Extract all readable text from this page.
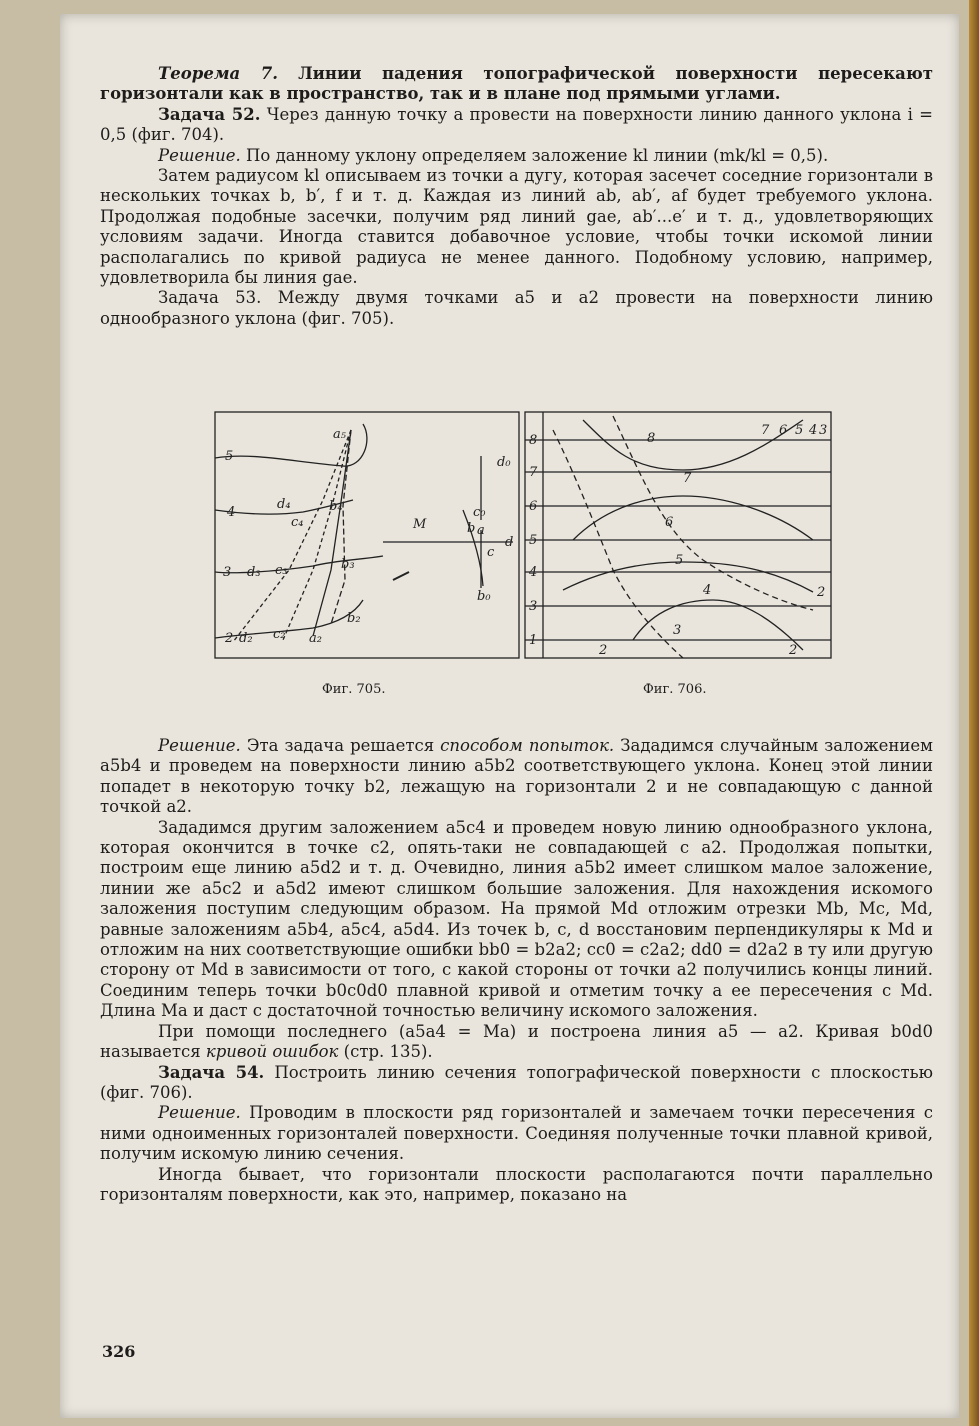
Теорема 7. Линии падения топографической поверхности пересекают горизонтали как в пространство, так и в плане под прямыми углами.

Задача 52. Через данную точку a провести на поверхности линию данного уклона i = 0,5 (фиг. 704).

Решение. По данному уклону определяем заложение kl линии (mk/kl = 0,5).

Затем радиусом kl описываем из точки a дугу, которая засечет соседние горизонтали в нескольких точках b, b′, f и т. д. Каждая из линий ab, ab′, af будет требуемого уклона. Продолжая подобные засечки, получим ряд линий gae, ab′...e′ и т. д., удовлетворяющих условиям задачи. Иногда ставится добавочное условие, чтобы точки искомой линии располагались по кривой радиуса не менее данного. Подобному условию, например, удовлетворила бы линия gae.

Задача 53. Между двумя точками a5 и a2 провести на поверхности линию однообразного уклона (фиг. 705).

a₅
5
4
d₄
c₄
b₄
3 d₃ c₃	b₃
b₂
2 d₂ c₂ a₂
M
d₀
c₀
b a
c
d
b₀
8
7
6
5
4
3
1
8
7
6
5
4
3
2	2
2
7 6 5 4 3
Фиг. 705.	Фиг. 706.

Решение. Эта задача решается способом попыток. Зададимся случайным заложением a5b4 и проведем на поверхности линию a5b2 соответствующего уклона. Конец этой линии попадет в некоторую точку b2, лежащую на горизонтали 2 и не совпадающую с данной точкой a2.

Зададимся другим заложением a5c4 и проведем новую линию однообразного уклона, которая окончится в точке c2, опять-таки не совпадающей с a2. Продолжая попытки, построим еще линию a5d2 и т. д. Очевидно, линия a5b2 имеет слишком малое заложение, линии же a5c2 и a5d2 имеют слишком большие заложения. Для нахождения искомого заложения поступим следующим образом. На прямой Md отложим отрезки Mb, Mc, Md, равные заложениям a5b4, a5c4, a5d4. Из точек b, c, d восстановим перпендикуляры к Md и отложим на них соответствующие ошибки bb0 = b2a2; cc0 = c2a2; dd0 = d2a2 в ту или другую сторону от Md в зависимости от того, с какой стороны от точки a2 получились концы линий. Соединим теперь точки b0c0d0 плавной кривой и отметим точку a ее пересечения с Md. Длина Ma и даст с достаточной точностью величину искомого заложения.

При помощи последнего (a5a4 = Ma) и построена линия a5 — a2. Кривая b0d0 называется кривой ошибок (стр. 135).

Задача 54. Построить линию сечения топографической поверхности с плоскостью (фиг. 706).

Решение. Проводим в плоскости ряд горизонталей и замечаем точки пересечения с ними одноименных горизонталей поверхности. Соединяя полученные точки плавной кривой, получим искомую линию сечения.

Иногда бывает, что горизонтали плоскости располагаются почти параллельно горизонталям поверхности, как это, например, показано на

326
